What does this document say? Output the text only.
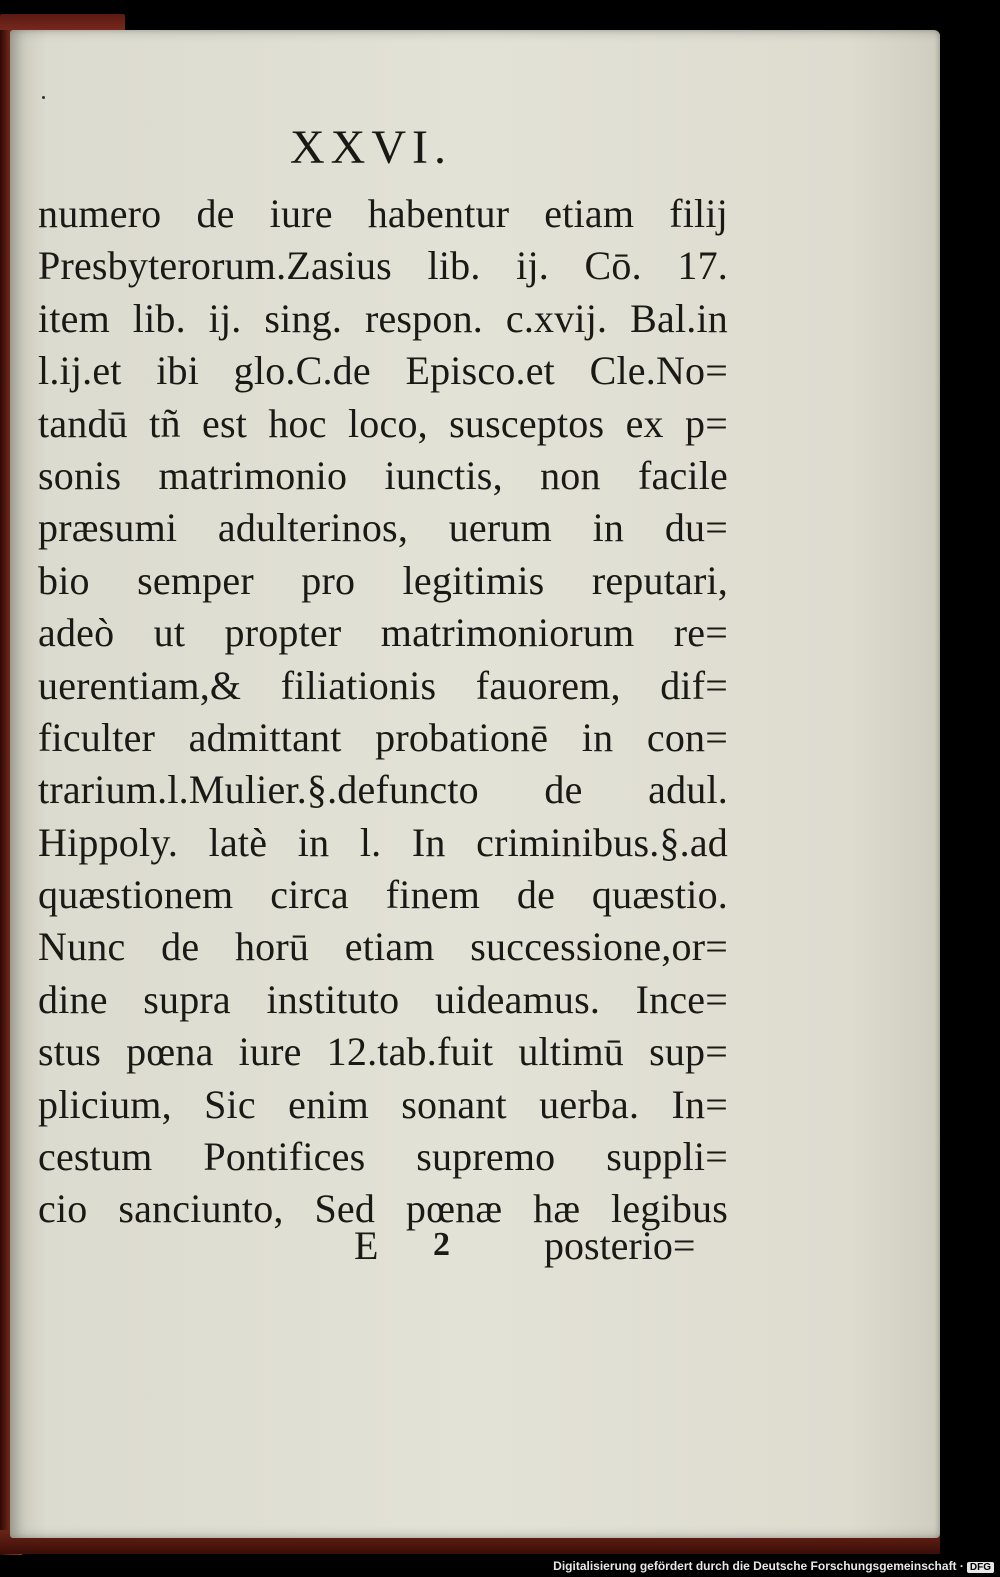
XXVI.
numero de iure habentur etiam filij
Presbyterorum.Zasius lib. ij. Cō. 17.
item lib. ij. sing. respon. c.xvij. Bal.in
l.ij.et ibi glo.C.de Episco.et Cle.No=
tandū tñ est hoc loco, susceptos ex p=
sonis matrimonio iunctis, non facile
præsumi adulterinos, uerum in du=
bio semper pro legitimis reputari,
adeò ut propter matrimoniorum re=
uerentiam,& filiationis fauorem, dif=
ficulter admittant probationē in con=
trarium.l.Mulier.§.defuncto de adul.
Hippoly. latè in l. In criminibus.§.ad
quæstionem circa finem de quæstio.
Nunc de horū etiam successione,or=
dine supra instituto uideamus. Ince=
stus pœna iure 12.tab.fuit ultimū sup=
plicium, Sic enim sonant uerba. In=
cestum Pontifices supremo suppli=
cio sanciunto, Sed pœnæ hæ legibus
E 2 posterio=
Digitalisierung gefördert durch die Deutsche Forschungsgemeinschaft · DFG
